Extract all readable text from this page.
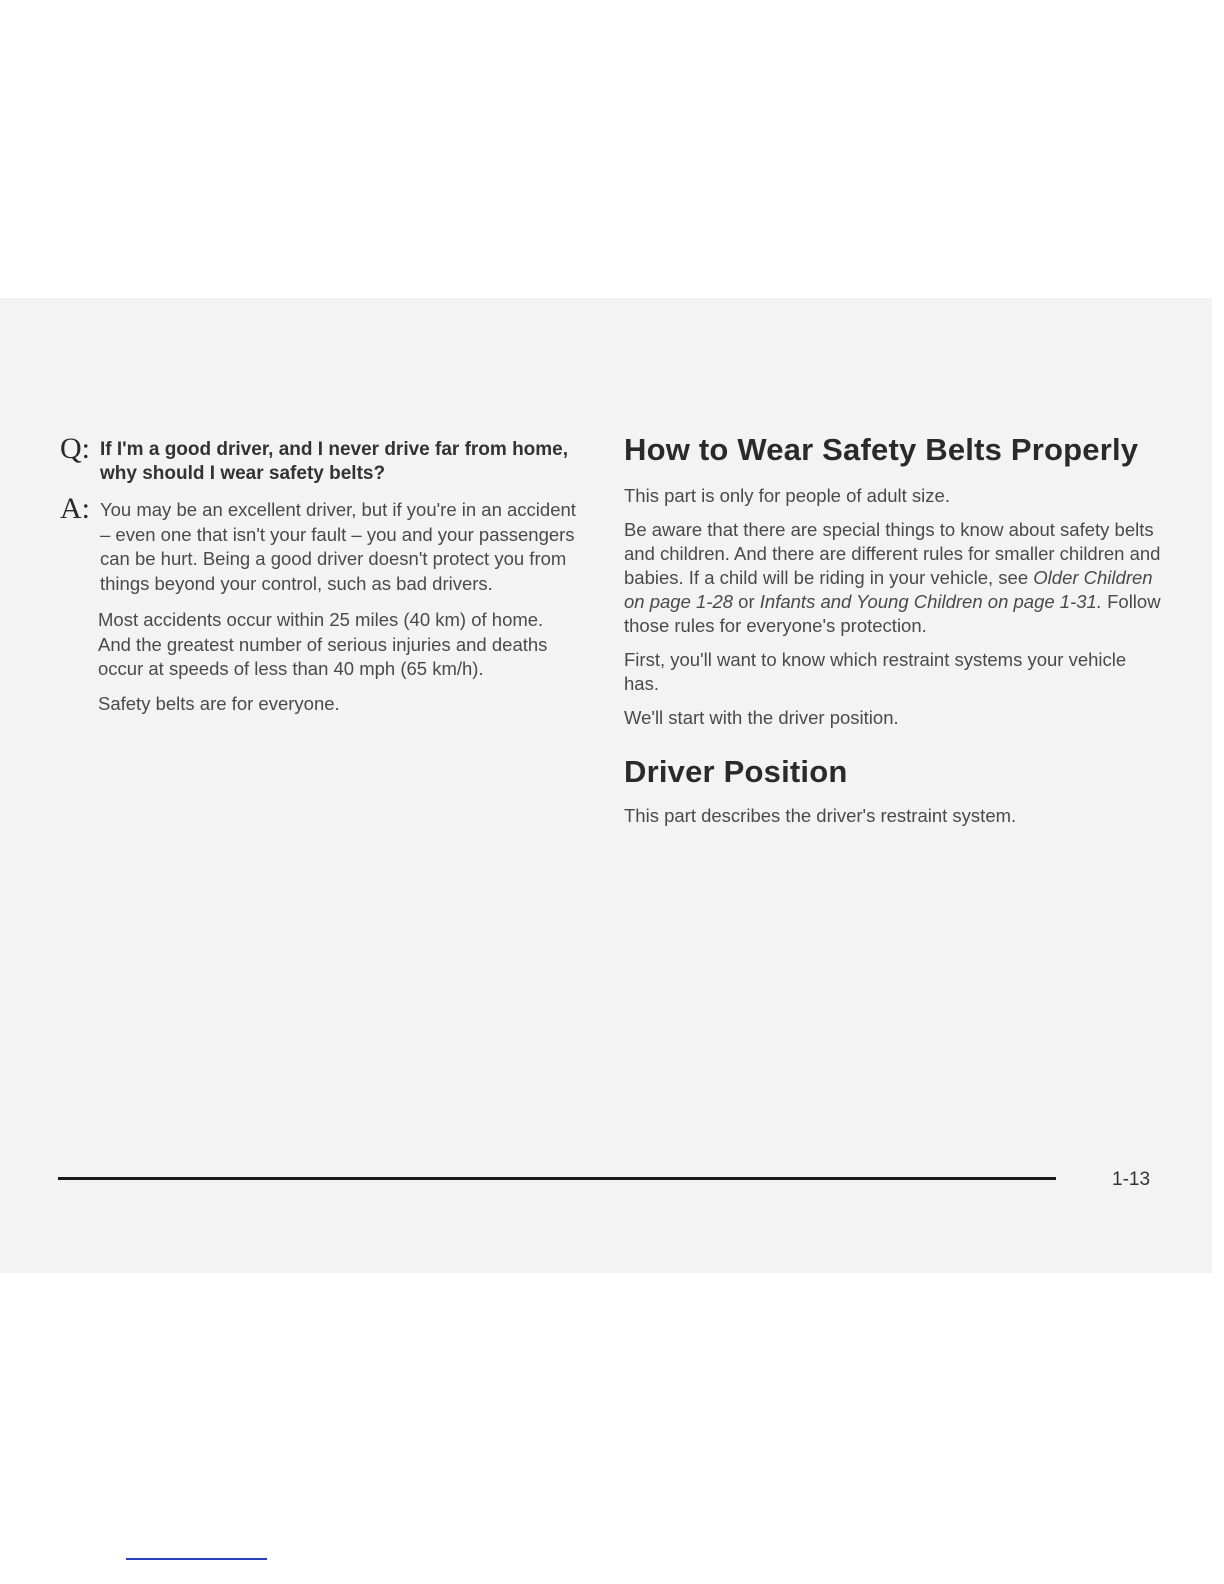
Q: If I'm a good driver, and I never drive far from home, why should I wear safety belts?

A: You may be an excellent driver, but if you're in an accident – even one that isn't your fault – you and your passengers can be hurt. Being a good driver doesn't protect you from things beyond your control, such as bad drivers.

Most accidents occur within 25 miles (40 km) of home. And the greatest number of serious injuries and deaths occur at speeds of less than 40 mph (65 km/h).

Safety belts are for everyone.

How to Wear Safety Belts Properly

This part is only for people of adult size.

Be aware that there are special things to know about safety belts and children. And there are different rules for smaller children and babies. If a child will be riding in your vehicle, see Older Children on page 1-28 or Infants and Young Children on page 1-31. Follow those rules for everyone's protection.

First, you'll want to know which restraint systems your vehicle has.

We'll start with the driver position.

Driver Position

This part describes the driver's restraint system.

1-13
